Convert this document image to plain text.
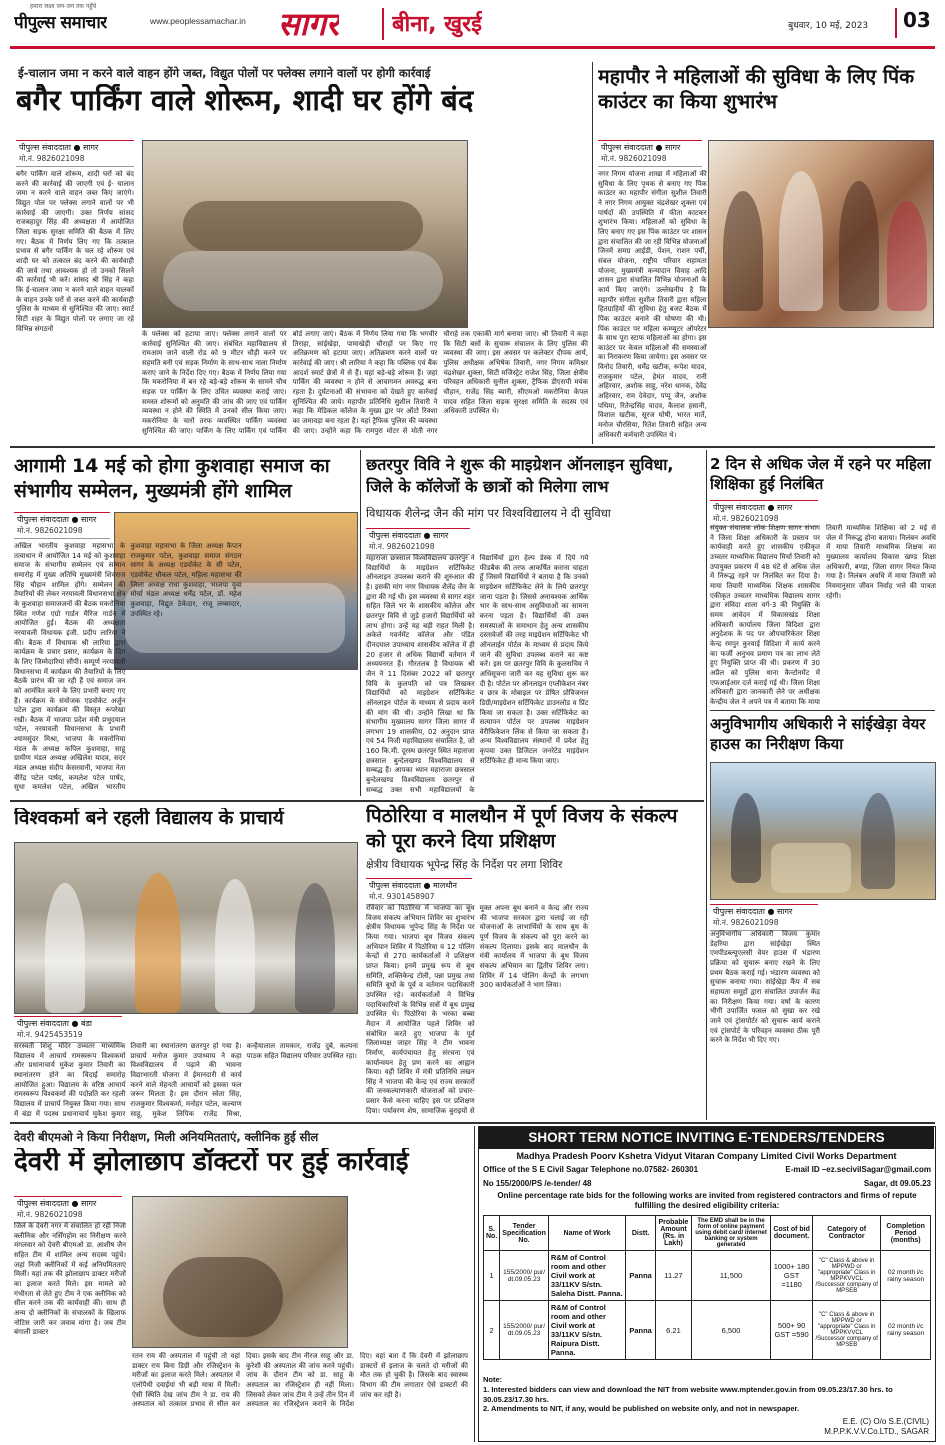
हमारा लक्ष्य जन-जन तक पहुँचे
पीपुल्स समाचार	www.peoplessamachar.in सागर बीना, खुरई	बुधवार, 10 मई, 2023	03
ई-चालान जमा न करने वाले वाहन होंगे जब्त, विद्युत पोलों पर फ्लेक्स लगाने वालों पर होगी कार्रवाई
बगैर पार्किंग वाले शोरूम, शादी घर होंगे बंद
पीपुल्स संवाददाता ● सागर
मो.नं. 9826021098
बगैर पार्किंग वाले शोरूम, शादी घरों को बंद करने की कार्रवाई की जाएगी एवं ई- चालान जमा न करने वाले वाहन जब्त किए जाएंगे। विद्युत पोल पर फ्लेक्स लगाने वालों पर भी कार्रवाई की जाएगी। उक्त निर्णय सांसद राजबहादुर सिंह की अध्यक्षता में आयोजित जिला सड़क सुरक्षा समिति की बैठक में लिए गए। बैठक में निर्णय लिए गए कि तत्काल प्रभाव से बगैर पार्किंग के चल रहे शोरूम एवं शादी घर को तत्काल बंद करने की कार्यवाही की जावे तथा आवश्यक हो तो उनको सिलने की कार्रवाई भी करें। सांसद श्री सिंह ने कहा कि ई-चालान जमा न करने वाले वाहन चालकों के वाहन उनके घरों से जब्त करने की कार्यवाही पुलिस के माध्यम से सुनिश्चित की जाए। स्मार्ट सिटी शहर के विद्युत पोलों पर लगाए जा रहे विभिन्न संगठनों
के फ्लेक्स को हटाया जाए। फ्लेक्स लगाने वालों पर कार्रवाई सुनिश्चित की जाए। संबंधित महाविद्यालय से रामआम जाने वाली रोड को 9 मीटर चौड़ी करने पर सहमति बनी एवं सड़क निर्माण के साथ-साथ नाला निर्माण कराए जाने के निर्देश दिए गए। बैठक में निर्णय लिया गया कि मकरोनिया में बन रहे बड़े-बड़े शोरूम के सामने चौथ सड़क पर पार्किंग के लिए उचित व्यवस्था कराई जाए। समस्त शोरूमों को अनुमति की जांच की जाए एवं पार्किंग व्यवस्था न होने की स्थिति में उनको सील किया जाए। मकरोनिया के चारों तरफ व्यवस्थित पार्किंग व्यवस्था सुनिश्चित की जाए। पार्किंग के लिए पार्किंग एवं पार्किंग बोर्ड लगाए जाएं। बैठक में निर्णय लिया गया कि भगवीर तिराहा, सांईखेड़ा, पामाखेड़ी चौराहों पर किए गए अतिक्रमण को हटाया जाए। अतिक्रमण करने वालों पर कार्रवाई की जाए। श्री लारिया ने कहा कि पब्लिक एवं बैंक आदर्श स्मार्ट छेत्रों में से हैं। यहां बड़े-बड़े शोरूम हैं। जहां पार्किंग की व्यवस्था न होने से आवागमन अवरुद्ध बना रहता है। दुर्घटनाओं की संभावना को देखते हुए कार्रवाई सुनिश्चित की जाये। महापौर प्रतिनिधि सुशील तिवारी ने कहा कि मेडिकल कॉलेज के मुख्य द्वार पर ऑटो रिक्शा का जमावड़ा बना रहता है। यहां ट्रैफिक पुलिस की व्यवस्था की जाए। उन्होंने कहा कि रामपुरा मोटर से मोती नगर चौराहे तक एकाकी मार्ग बनाया जाए। श्री तिवारी ने कहा कि सिटी बसों के सुचारू संचालन के लिए पुलिस की व्यवस्था की जाए। इस अवसर पर कलेक्टर दीपक आर्य, पुलिस अधीक्षक अभिषेक तिवारी, नगर निगम कमिश्नर चंद्रशेखर शुक्ला, सिटी मजिस्ट्रेट राजेश सिंह, जिला क्षेत्रीय परिवहन अधिकारी सुनील शुक्ला, ट्रैफिक डीएसपी मयंक चौहान, राजेंद्र सिंह ब्यारी, सीएमओ मकरोनिया केपल यादव सहित जिला सड़क सुरक्षा समिति के सदस्य एवं अधिकारी उपस्थित थे।
महापौर ने महिलाओं की सुविधा के लिए पिंक काउंटर का किया शुभारंभ
पीपुल्स संवाददाता ● सागर
मो.नं. 9826021098
नगर निगम योजना शाखा में महिलाओं की सुविधा के लिए पृथक से बनाए गए पिंक काउंटर का महापौर संगीता सुशील तिवारी ने नगर निगम आयुक्त चंद्रशेखर शुक्ला एवं पार्षदों की उपस्थिति में फीता काटकर शुभारंभ किया। महिलाओं को सुविधा के लिए बनाए गए इस पिंक काउंटर पर शासन द्वारा संचालित की जा रही विभिन्न योजनाओं जिनमें समग्र आईडी, पेंशन, राशन पर्ची, संबल योजना, राष्ट्रीय परिवार सहायता योजना, मुख्यमंत्री कन्यादान विवाह आदि शासन द्वारा संचालित विभिन्न योजनाओं के कार्य किए जाएंगे। उल्लेखनीय है कि महापौर संगीता सुशील तिवारी द्वारा महिला हितग्राहियों की सुविधा हेतु बजट बैठक में पिंक काउंटर बनाने की घोषणा की थी। पिंक काउंटर पर महिला कम्प्यूटर ऑपरेटर के साथ पूरा स्टाफ महिलाओं का होगा। इस काउंटर पर केवल महिलाओं की समस्याओं का निराकरण किया जायेगा। इस अवसर पर विनोद तिवारी, धर्मेंद्र खटीक, रूपेश यादव, राजकुमार पटेल, हेमंत यादव, रानी अहिरवार, अशोक साहू, नरेश धानक, देवेंद्र अहिरवार, राम देवेदार, पप्पू जैन, अशोक पथिया, रितेन्द्रसिंह यादव, कैलाश हसानी, विशाल खटीक, सूरज घोषी, भारत मार्ते, मनोज चौरसिया, रितेश तिवारी सहित अन्य अधिकारी कर्मचारी उपस्थित थे।
आगामी 14 मई को होगा कुशवाहा समाज का संभागीय सम्मेलन, मुख्यमंत्री होंगे शामिल
पीपुल्स संवाददाता ● सागर
मो.नं. 9826021098
अखिल भारतीय कुशवाहा महासभा के तत्वाधान में आयोजित 14 मई को कुशवाहा समाज के संभागीय सम्मेलन एवं सम्मान समारोह में मुख्य अतिथि मुख्यमंत्री शिवराज सिंह चौहान शामिल होंगे। सम्मेलन की तैयारियों की लेकर नरयावली विधानसभा क्षेत्र के कुशवाहा समाजजनों की बैठक मकरोनिया स्थित गणेश एग्रो गार्डन मैरिज गार्डन में आयोजित हुई। बैठक की अध्यक्षता नरयावली विधायक इंजी. प्रदीप लारिया ने की। बैठक में विधायक श्री लारिया द्वारा कार्यक्रम के प्रचार प्रसार, कार्यक्रम के दिन के लिए जिम्मेदारियां सौंपी। सम्पूर्ण नरयावली विधानसभा में कार्यक्रम की तैयारियों के लिए बैठकें प्रारंभ की जा रही हैं एवं समाज जन को आमंत्रित करने के लिए प्रभारी बनाए गए हैं। कार्यक्रम के संयोजक एडवोकेट अर्जुन पटेल द्वारा कार्यक्रम की विस्तृत रूपरेखा रखी। बैठक में भाजपा प्रदेश मंत्री प्रभुदयाल पटेल, नरयावली विधानसभा के प्रभारी श्यामसुंदर मिश्रा, भाजपा के मकरोनिया मंडल के अध्यक्ष कपिल कुशवाहा, साहू ग्रामीण मंडल अध्यक्ष अखिलेश यादव, सदर मंडल अध्यक्ष संदीप केसरवानी, भाजपा नेता वीरेंद्र पटेल पार्षद, कमलेश पटेल पार्षद, सुधा कमलेश पटेल, अखिल भारतीय कुशवाहा महासभा के जिला अध्यक्ष कैप्टन राजकुमार पटेल, कुशवाहा समाज संगठन सागर के अध्यक्ष एडवोकेट के सी पटेल, एडवोकेट धौकल पटेल, महिला महासभा की जिला अध्यक्ष राधा कुशवाहा, भाजपा युवा मोर्चा मंडल अध्यक्ष धर्मेंद्र पटेल, डॉ. महेश कुशवाहा, विद्युत ठेकेदार, राजू लम्बरदार, उपस्थित रहे।
छतरपुर विवि ने शुरू की माइग्रेशन ऑनलाइन सुविधा, जिले के कॉलेजों के छात्रों को मिलेगा लाभ
विधायक शैलेन्द्र जैन की मांग पर विश्वविद्यालय ने दी सुविधा
पीपुल्स संवाददाता ● सागर
मो.नं. 9826021098
महाराजा छत्रसाल विश्वविद्यालय छतरपुर ने विद्यार्थियों के माइग्रेशन सर्टिफिकेट ऑनलाइन उपलब्ध कराने की शुरुआत की है। इसकी मांग नगर विधायक शैलेंद्र जैन के द्वारा की गई थी। इस व्यवस्था से सागर शहर सहित जिले भर के शासकीय कॉलेज और छतरपुर विवि से जुड़े हजारों विद्यार्थियों को लाभ होगा। उन्हें यह बड़ी राहत मिली है। अकेले गवर्नमेंट कॉलेज और पंडित दीनदयाल उपाध्याय शासकीय कॉलेज में ही 20 हजार से अधिक विद्यार्थी वर्तमान में अध्ययनरत हैं। गौरतलब है विधायक श्री जैन ने 11 दिसंबर 2022 को छतरपुर विवि के कुलपति को पत्र लिखकर विद्यार्थियों को माइग्रेशन सर्टिफिकेट ऑनलाइन पोर्टल के माध्यम से प्रदाय करने की मांग की थी। उन्होंने लिखा था कि संभागीय मुख्यालय सागर जिला सागर में लगभग 19 शासकीय, 02 अनुदान प्राप्त एवं 54 निजी महाविद्यालय संचालित है, जो 160 कि.मी. दूरस्थ छतरपुर स्थित महाराजा छत्रसाल बुन्देलखण्ड विश्वविद्यालय से सम्बद्ध हैं। आपका ध्यान महाराजा छत्रसाल बुन्देलखण्ड विश्वविद्यालय छतरपुर से सम्बद्ध उक्त सभी महाविद्यालयों के विद्यार्थियों द्वारा हेल्प डेस्क में दिये गये फीडबैक की तरफ आकर्षित कराना चाहता हूँ जिसमें विद्यार्थियों ने बताया है कि उनको माइग्रेशन सर्टिफिकेट लेने के लिये छतरपुर जाना पड़ता है। जिससे अनावश्यक आर्थिक भार के साथ-साथ असुविधाओं का सामना करना पड़ता है। विद्यार्थियों की उक्त समस्याओं के समाधान हेतु अन्य शासकीय दस्तावेजों की तरह माइग्रेशन सर्टिफिकेट भी ऑनलाईन पोर्टल के माध्यम से प्रदाय किये जाने की सुविधा उपलब्ध कराने का कष्ट करें। इस पर छतरपुर विवि के कुलसचिव ने अधिसूचना जारी कर यह सुविधा शुरू कर दी है। पोर्टल पर ऑनलाइन एप्लीकेशन नंबर व छात्र के मोबाइल पर प्रेषित प्रोविजनल डिग्री/माइग्रेशन सर्टिफिकेट डाउनलोड व प्रिंट किया जा सकता है। उक्त सर्टिफिकेट का सत्यापन पोर्टल पर उपलब्ध माइग्रेशन वेरीफिकेशन लिंक से किया जा सकता है। अन्य विश्वविद्यालय संस्थानों में प्रवेश हेतु कृपया उक्त डिजिटल जनरेटेड माइग्रेशन सर्टिफिकेट ही मान्य किया जाए।
2 दिन से अधिक जेल में रहने पर महिला शिक्षिका हुई निलंबित
पीपुल्स संवाददाता ● सागर
मो.नं. 9826021098
संयुक्त संचालक लोक शिक्षण सागर संभाग ने जिला शिक्षा अधिकारी के प्रस्ताव पर कार्यवाही करते हुए शासकीय एकीकृत उच्चतर माध्यमिक विद्यालय मिर्चा तिवारी को उपायुक्त प्रकरण में 48 घंटे से अधिक जेल में निरूद्ध रहने पर निलंबित कर दिया है। माया तिवारी माध्यमिक शिक्षक शासकीय एकीकृत उच्चतर माध्यमिक विद्यालय सागर द्वारा संविदा शाला वर्ग-3 की नियुक्ति के समय आवेदन में विकासखंड शिक्षा अधिकारी कार्यालय जिला विदिशा द्वारा अनुदेशक के पद पर औपचारिकेतर शिक्षा केन्द्र रमपुर कुरवाई विदिशा में कार्य करने का फर्जी अनुभव प्रमाण पत्र का लाभ लेते हुए नियुक्ति प्राप्त की थी। प्रकरण में 30 अप्रैल को पुलिस थाना कैन्टोनमेंट में एफआईआर दर्ज कराई गई थी। जिला शिक्षा अधिकारी द्वारा जानकारी लेने पर अधीक्षक केन्द्रीय जेल ने अपने पत्र में बताया कि माया तिवारी माध्यमिक शिक्षिका को 2 मई से जेल में निरूद्ध होना बताया। निलंबन अवधि में माया तिवारी माध्यमिक शिक्षक का मुख्यालय कार्यालय विकास खण्ड शिक्षा अधिकारी, बण्डा, जिला सागर नियत किया गया है। निलंबन अवधि में माया तिवारी को नियमानुसार जीवन निर्वाह भत्ते की पात्रता रहेगी।
अनुविभागीय अधिकारी ने सांईखेड़ा वेयर हाउस का निरीक्षण किया
पीपुल्स संवाददाता ● सागर
मो.नं. 9826021098
अनुविभागीय अधिकारी विजय कुमार डेहरिया द्वारा सांईखेड़ा स्थित एमपीडब्ल्यूएलसी वेयर हाउस में भंडारण प्रक्रिया को सुचारू बनाए रखने के लिए प्रथम बैठक कराई गई। भंडारण व्यवस्था को सुचारू बनाया गया। सांईखेड़ा कैंप में सब सहायता समूहों द्वारा संचालित उपार्जन केंद्र का निरीक्षण किया गया। वर्षा के कारण भीगी उपार्जित फसल को सुखा कर रखे जाने एवं ट्रांसपोर्टर को सुचारू कार्य कराने एवं ट्रांसपोर्ट के परिवहन व्यवस्था ठीक पूरी करने के निर्देश भी दिए गए।
विश्वकर्मा बने रहली विद्यालय के प्राचार्य
पीपुल्स संवाददाता ● बंडा
मो.नं. 9425453519
सरस्वती शिशु मंदिर उच्चतर माध्यमिक विद्यालय में आचार्य रामस्वरूप विश्वकर्मा और प्रधानाचार्य मुकेश कुमार तिवारी का स्थानांतरण होने का विदाई समारोह आयोजित हुआ। विद्यालय के वरिष्ठ आचार्य रामस्वरूप विश्वकर्मा की पदोन्नति कर रहली विद्यालय में प्राचार्य नियुक्त किया गया। साथ में बंडा में पदस्थ प्रधानाचार्य मुकेश कुमार तिवारी का स्थानांतरण छतरपुर हो गया है। प्राचार्य मनोज कुमार उपाध्याय ने कहा विश्वविद्यालय में पढ़ाने की भावना विद्याभारती योजना में ईमानदारी से कार्य करने वाले मेहनती आचार्यों को इसका फल जरूर मिलता है। इस दौरान स्वेता सिंह, राजकुमार विश्वकर्मा, मनोहर पटेल, कल्याण साहू, मुकेश लिपिक राजेंद्र मिश्रा, कन्हैयालाल तामकार, राजेंद्र दुबे, कल्पना पाठक सहित विद्यालय परिवार उपस्थित रहा।
पिठोरिया व मालथौन में पूर्ण विजय के संकल्प को पूरा करने दिया प्रशिक्षण
क्षेत्रीय विधायक भूपेन्द्र सिंह के निर्देश पर लगा शिविर
पीपुल्स संवाददाता ● मालथौन
मो.नं. 9301458907
रविवार को पिठोरिया में भाजपा का बूथ विजय संकल्प अभियान शिविर का शुभारंभ क्षेत्रीय विधायक भूपेन्द्र सिंह के निर्देश पर किया गया। भाजपा बूथ विजय संकल्प अभियान शिविर में पिठोरिया व 12 पोलिंग केन्द्रों से 270 कार्यकर्ताओं ने प्रशिक्षण प्राप्त किया। इनमें प्रमुख रूप से बूथ समिति, शक्तिकेन्द्र टोली, पन्ना प्रमुख तथा समिति बूथों के पूर्व व वर्तमान पदाधिकारी उपस्थित रहे। कार्यकर्ताओं ने विभिन्न पदाधिकारियों के विभिन्न सत्रों में बूथ प्रमुख उपस्थित थे। पिठोरिया के भरका बब्बा मैदान में आयोजित पहले शिविर को संबोधित करते हुए भाजपा के पूर्व जिलाध्यक्ष जाहर सिंह ने टीम भावना निर्माण, कार्यपंचायत हेतु संरचना एवं कार्यान्वयन हेतु प्रण करने का आह्वान किया। वहीं शिविर में मंत्री प्रतिनिधि लखन सिंह ने भाजपा की केन्द्र एवं राज्य सरकारों की जनकल्याणकारी योजनाओं को प्रचार-प्रसार कैसे करना चाहिए इस पर प्रशिक्षण दिया। पर्यावरण शेष, सामाजिक बुराइयों से मुक्त अपना बूथ बनाने व केन्द्र और राज्य की भाजपा सरकार द्वारा चलाई जा रही योजनाओं के लाभार्थियों के साथ बूथ के पूर्ण विजय के संकल्प को पूरा करने का संकल्प दिलाया। इसके बाद मालथौन के मंत्री कार्यालय में भाजपा के बूथ विजय संकल्प अभियान का द्वितीय शिविर लगा। शिविर में 14 पोलिंग केन्द्रों के लगभग 300 कार्यकर्ताओं ने भाग लिया।
देवरी बीएमओ ने किया निरीक्षण, मिली अनियमितताएं, क्लीनिक हुई सील
देवरी में झोलाछाप डॉक्टरों पर हुई कार्रवाई
पीपुल्स संवाददाता ● सागर
मो.नं. 9826021098
जिले के देवरी नगर में संचालित हो रही निजी क्लीनिक और नर्सिंगहोम का निरीक्षण करने मंगलवार को देवरी बीएमओ डा. आशीष जैन सहित टीम में शामिल अन्य सदस्य पहुंचे। जहां निजी क्लीनिकों में कई अनियमितताएं मिलीं। यहां तक की झोलाछाप डाक्टर मरीजों का इलाज करते मिले। इस मामले को गंभीरता से लेते हुए टीम ने एक क्लीनिक को सील करने तक की कार्यवाही की। साथ ही अन्य दो क्लीनिकों के संचालकों के खिलाफ नोटिस जारी कर जवाब मांगा है। जब टीम बंगाली डाक्टर
रतन राय की अस्पताल में पहुंची तो वहां डाक्टर राय बिना डिग्री और रजिस्ट्रेशन के मरीजों का इलाज करते मिले। अस्पताल में एलोपैथी दवाईयां भी बड़ी मात्रा में मिलीं। ऐसी स्थिति देख जांच टीम ने डा. राय की अस्पताल को तत्काल प्रभाव से सील कर दिया। इसके बाद टीम नीरज साहू और डा. कुरेशी की अस्पताल की जांच करने पहुंची। जांच के दौरान टीम को डा. साहू के अस्पताल का रजिस्ट्रेशन ही नहीं मिला। जिसको लेकर जांच टीम ने उन्हें तीन दिन में अस्पताल का रजिस्ट्रेशन कराने के निर्देश दिए। वहां बता दें कि देवरी में झोलाछाप डाक्टरों से इलाज के चलते दो मरीजों की मौत तक हो चुकी है। जिसके बाद स्वास्थ्य विभाग की टीम लगातार ऐसे डाक्टरों की जांच कर रही है।
SHORT TERM NOTICE INVITING E-TENDERS/TENDERS
Madhya Pradesh Poorv Kshetra Vidyut Vitaran Company Limited Civil Works Department
Office of the S E Civil Sagar Telephone no.07582- 260301	E-mail ID –ez.secivilSagar@gmail.com
No 155/2000/PS /e-tender/ 48	Sagar, dt 09.05.23
Online percentage rate bids for the following works are invited from registered contractors and firms of repute fulfilling the desired eligibility criteria:
S. No.	Tender Specification No.	Name of Work	Distt.	Probable Amount (Rs. in Lakh)	The EMD shall be in the form of online payment using debit card/ internet banking or system generated	Cost of bid document.	Category of Contractor	Completion Period (months)
1	155/2000/ pur/ dt.09.05.23	R&M of Control room and other Civil work at 33/11KV S/stn. Saleha Distt. Panna.	Panna	11.27	11,500	1000+ 180 GST =1180	"C" Class & above in MPPWD or "appropriate" Class in MPPKVVCL /Successor company of MPSEB	02 month i/c rainy season
2	155/2000/ pur/ dt.09.05.23	R&M of Control room and other Civil work at 33/11KV S/stn. Raipura Distt. Panna.	Panna	6.21	6,500	500+ 90 GST =590	"C" Class & above in MPPWD or "appropriate" Class in MPPKVVCL /Successor company of MPSEB	02 month i/c rainy season
Note:
1. Interested bidders can view and download the NIT from website www.mptender.gov.in from 09.05.23/17.30 hrs. to 30.05.23/17.30 hrs.
2. Amendments to NIT, if any, would be published on website only, and not in newspaper.
E.E. (C) O/o S.E.(CIVIL)
M.P.P.K.V.V.Co.LTD., SAGAR
